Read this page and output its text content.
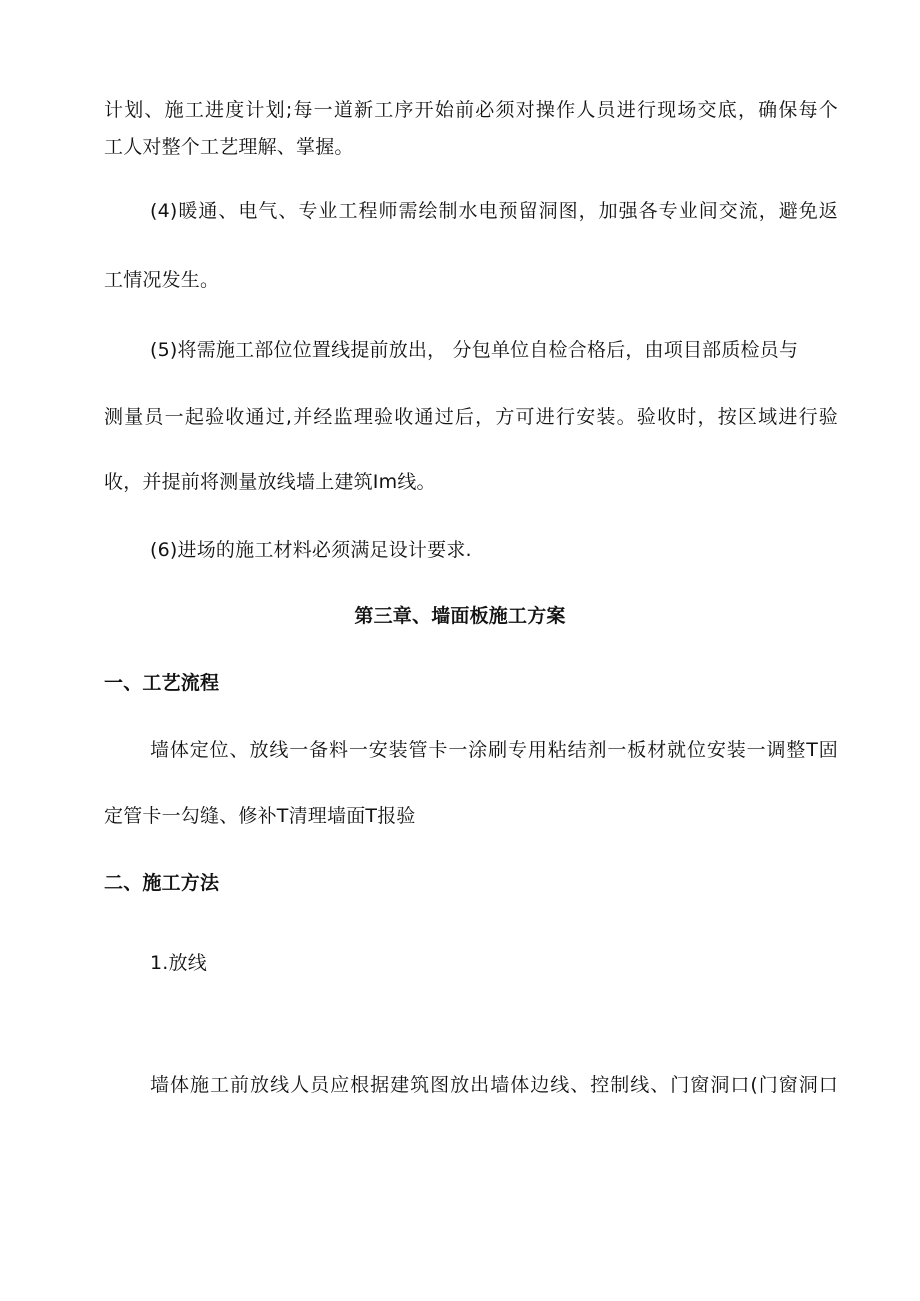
计划、施工进度计划;每一道新工序开始前必须对操作人员进行现场交底，确保每个
工人对整个工艺理解、掌握。
(4)暖通、电气、专业工程师需绘制水电预留洞图，加强各专业间交流，避免返
工情况发生。
(5)将需施工部位位置线提前放出， 分包单位自检合格后，由项目部质检员与
测量员一起验收通过,并经监理验收通过后，方可进行安装。验收时，按区域进行验
收，并提前将测量放线墙上建筑Im线。
(6)进场的施工材料必须满足设计要求.
第三章、墙面板施工方案
一、工艺流程
墙体定位、放线一备料一安装管卡一涂刷专用粘结剂一板材就位安装一调整T固
定管卡一勾缝、修补T清理墙面T报验
二、施工方法
1.放线
墙体施工前放线人员应根据建筑图放出墙体边线、控制线、门窗洞口(门窗洞口
